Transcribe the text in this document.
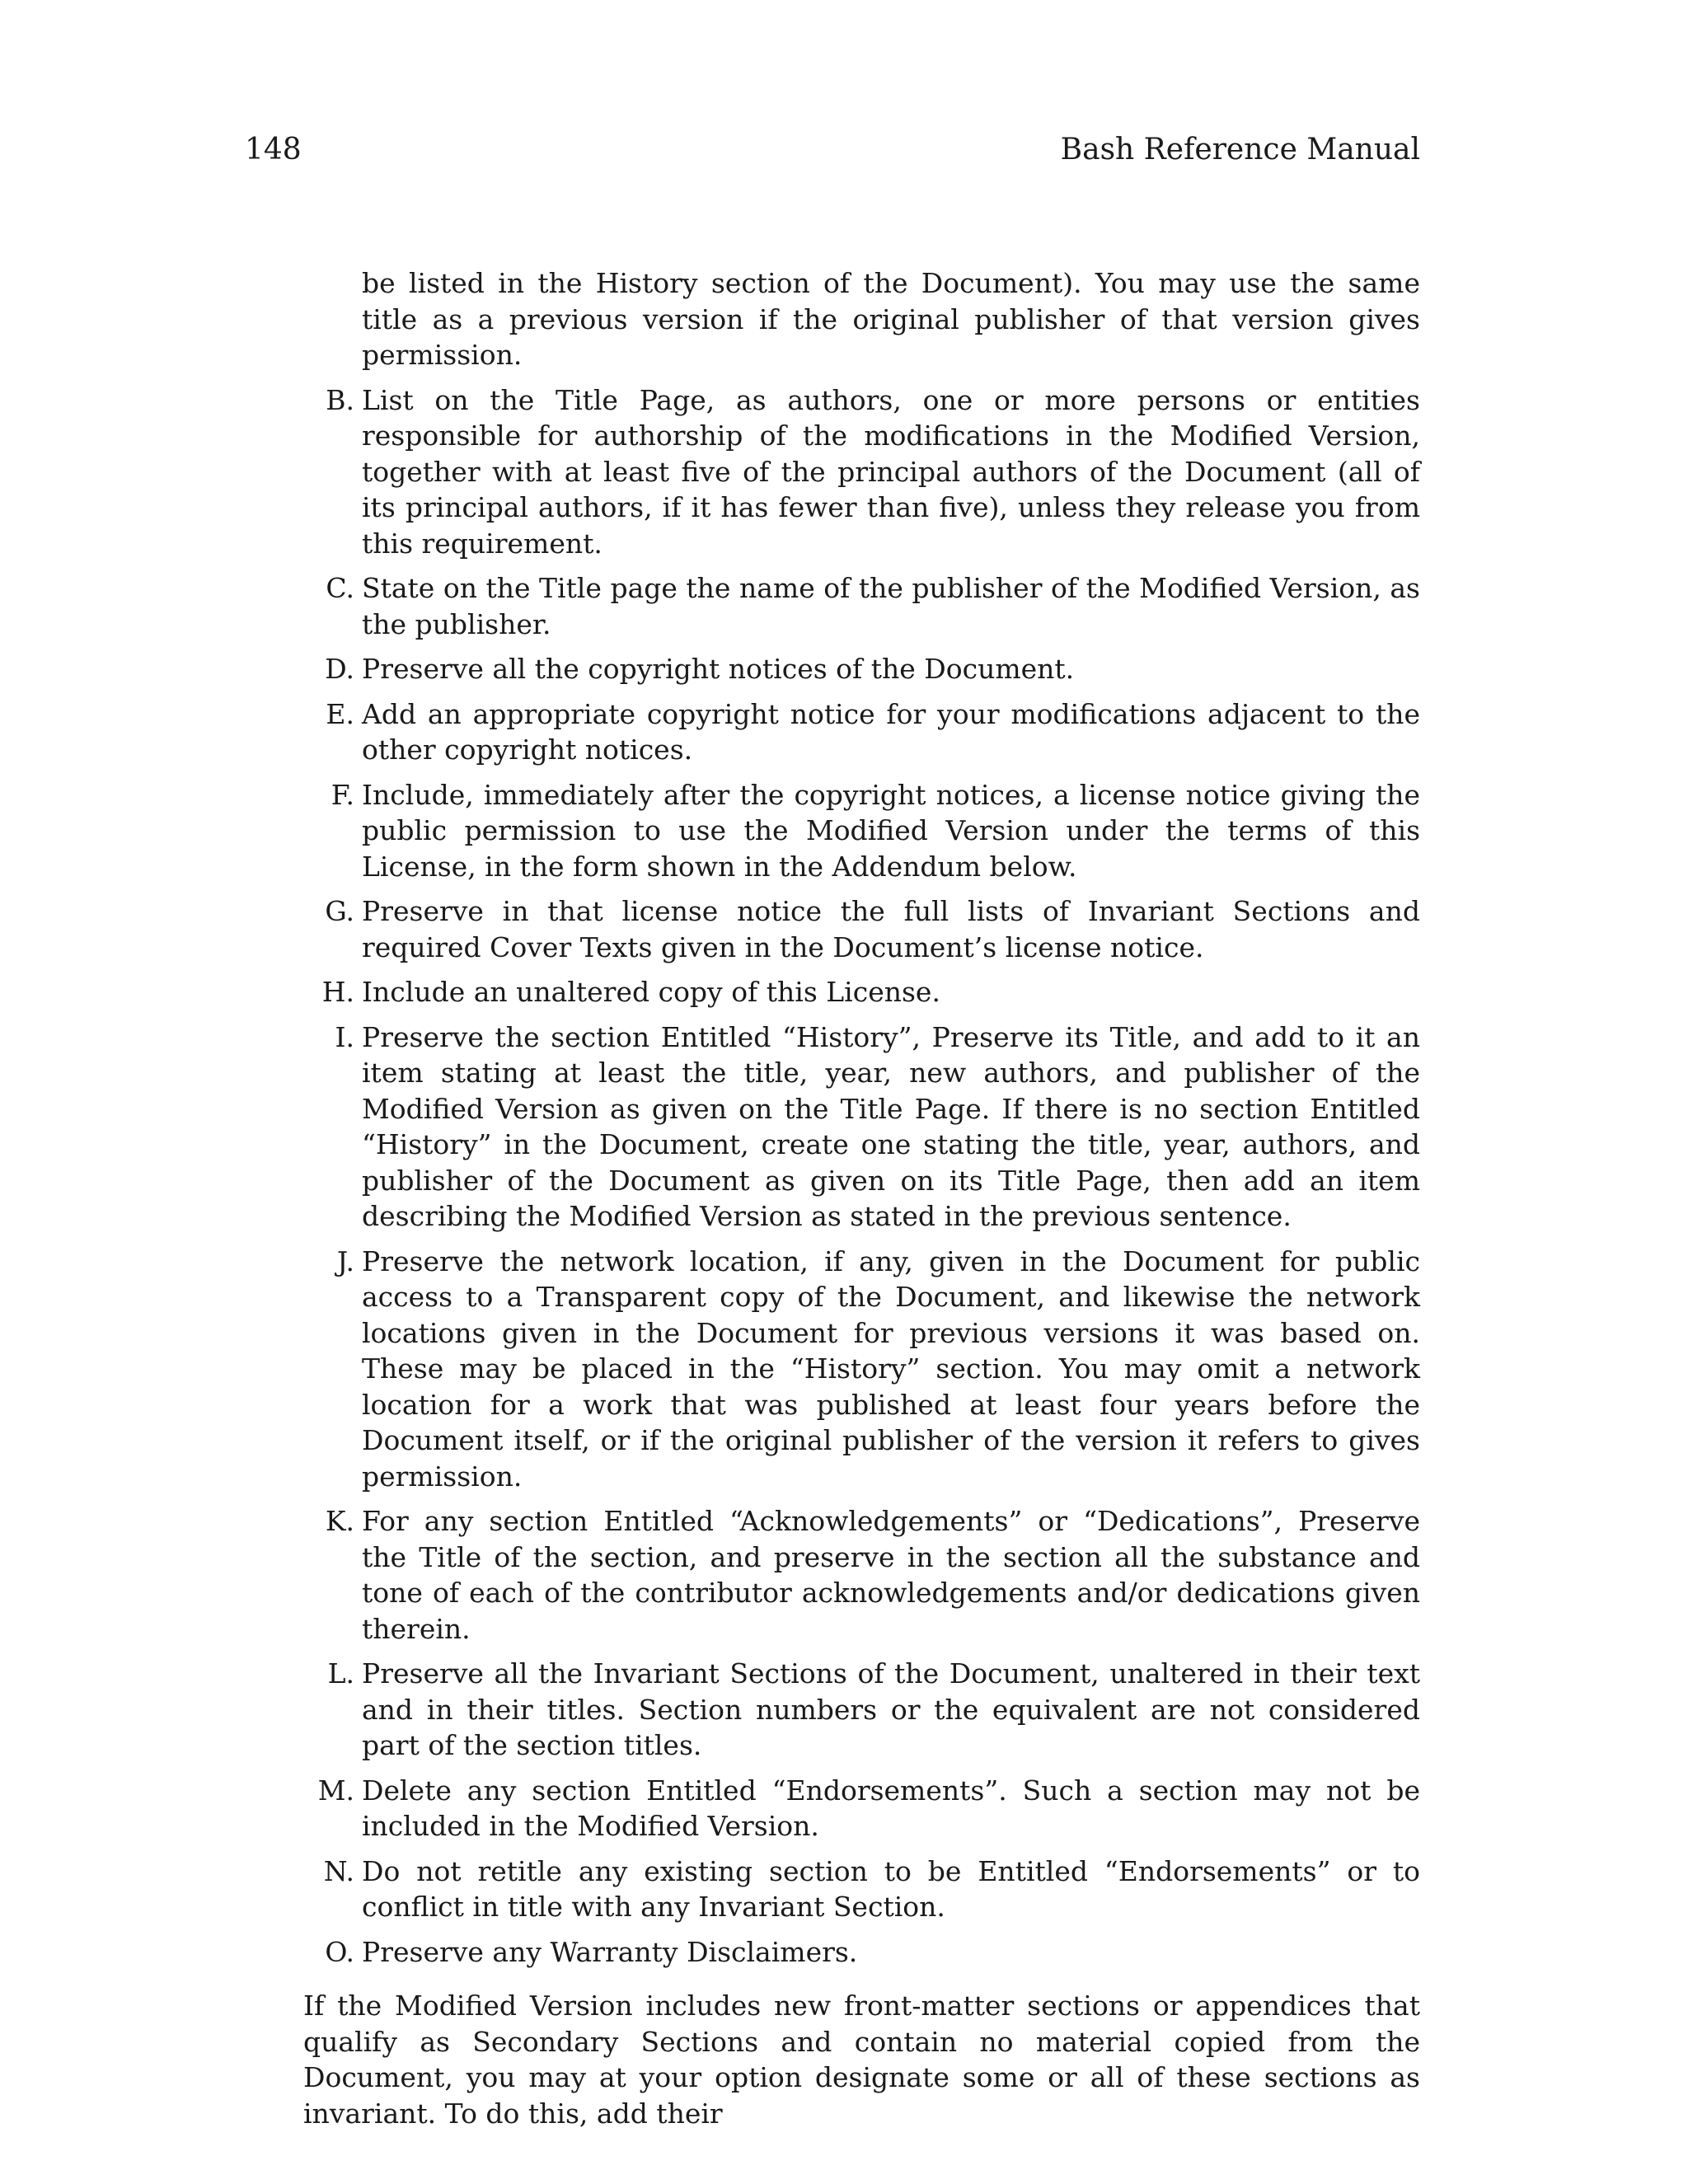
148	Bash Reference Manual

be listed in the History section of the Document). You may use the same title as a previous version if the original publisher of that version gives permission.

B. List on the Title Page, as authors, one or more persons or entities responsible for authorship of the modifications in the Modified Version, together with at least five of the principal authors of the Document (all of its principal authors, if it has fewer than five), unless they release you from this requirement.
C. State on the Title page the name of the publisher of the Modified Version, as the publisher.
D. Preserve all the copyright notices of the Document.
E. Add an appropriate copyright notice for your modifications adjacent to the other copyright notices.
F. Include, immediately after the copyright notices, a license notice giving the public permission to use the Modified Version under the terms of this License, in the form shown in the Addendum below.
G. Preserve in that license notice the full lists of Invariant Sections and required Cover Texts given in the Document’s license notice.
H. Include an unaltered copy of this License.
I. Preserve the section Entitled “History”, Preserve its Title, and add to it an item stating at least the title, year, new authors, and publisher of the Modified Version as given on the Title Page. If there is no section Entitled “History” in the Document, create one stating the title, year, authors, and publisher of the Document as given on its Title Page, then add an item describing the Modified Version as stated in the previous sentence.
J. Preserve the network location, if any, given in the Document for public access to a Transparent copy of the Document, and likewise the network locations given in the Document for previous versions it was based on. These may be placed in the “History” section. You may omit a network location for a work that was published at least four years before the Document itself, or if the original publisher of the version it refers to gives permission.
K. For any section Entitled “Acknowledgements” or “Dedications”, Preserve the Title of the section, and preserve in the section all the substance and tone of each of the contributor acknowledgements and/or dedications given therein.
L. Preserve all the Invariant Sections of the Document, unaltered in their text and in their titles. Section numbers or the equivalent are not considered part of the section titles.
M. Delete any section Entitled “Endorsements”. Such a section may not be included in the Modified Version.
N. Do not retitle any existing section to be Entitled “Endorsements” or to conflict in title with any Invariant Section.
O. Preserve any Warranty Disclaimers.

If the Modified Version includes new front-matter sections or appendices that qualify as Secondary Sections and contain no material copied from the Document, you may at your option designate some or all of these sections as invariant. To do this, add their
